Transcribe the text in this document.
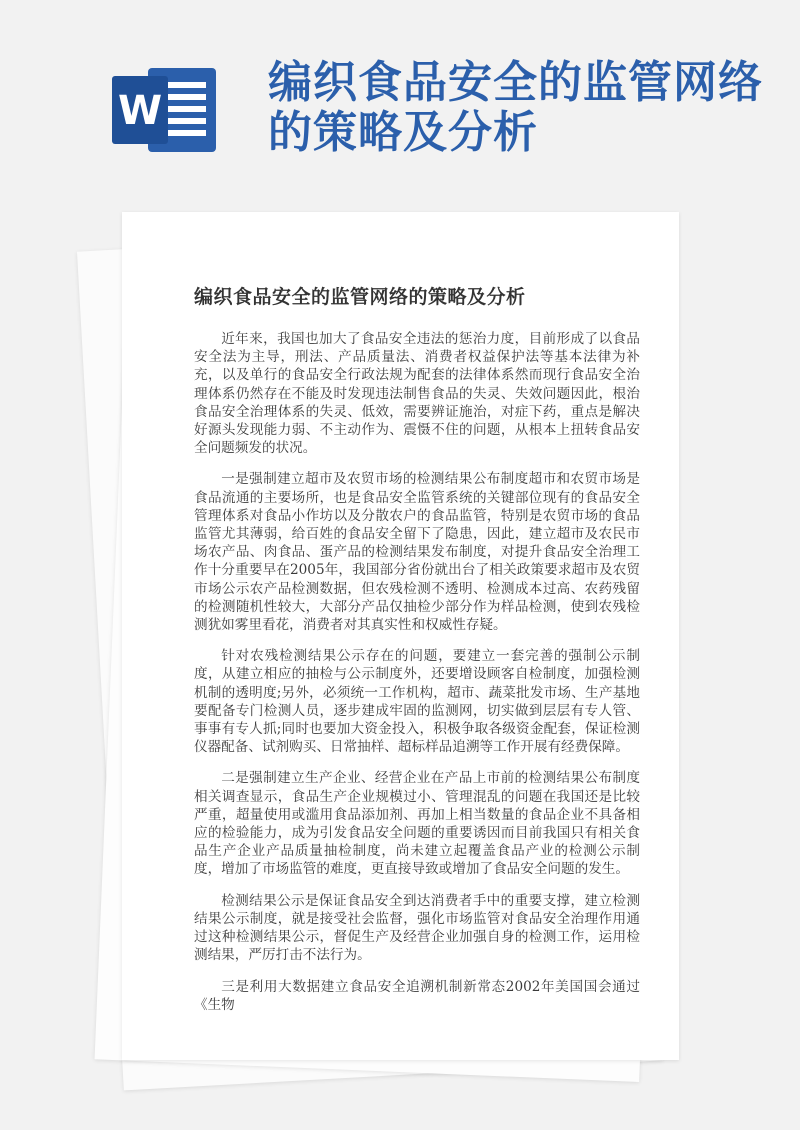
W
编织食品安全的监管网络的策略及分析
编织食品安全的监管网络的策略及分析

近年来，我国也加大了食品安全违法的惩治力度，目前形成了以食品安全法为主导，刑法、产品质量法、消费者权益保护法等基本法律为补充，以及单行的食品安全行政法规为配套的法律体系然而现行食品安全治理体系仍然存在不能及时发现违法制售食品的失灵、失效问题因此，根治食品安全治理体系的失灵、低效，需要辨证施治，对症下药，重点是解决好源头发现能力弱、不主动作为、震慑不住的问题，从根本上扭转食品安全问题频发的状况。

一是强制建立超市及农贸市场的检测结果公布制度超市和农贸市场是食品流通的主要场所，也是食品安全监管系统的关键部位现有的食品安全管理体系对食品小作坊以及分散农户的食品监管，特别是农贸市场的食品监管尤其薄弱，给百姓的食品安全留下了隐患，因此，建立超市及农民市场农产品、肉食品、蛋产品的检测结果发布制度，对提升食品安全治理工作十分重要早在2005年，我国部分省份就出台了相关政策要求超市及农贸市场公示农产品检测数据，但农残检测不透明、检测成本过高、农药残留的检测随机性较大，大部分产品仅抽检少部分作为样品检测，使到农残检测犹如雾里看花，消费者对其真实性和权威性存疑。

针对农残检测结果公示存在的问题，要建立一套完善的强制公示制度，从建立相应的抽检与公示制度外，还要增设顾客自检制度，加强检测机制的透明度;另外，必须统一工作机构，超市、蔬菜批发市场、生产基地要配备专门检测人员，逐步建成牢固的监测网，切实做到层层有专人管、事事有专人抓;同时也要加大资金投入，积极争取各级资金配套，保证检测仪器配备、试剂购买、日常抽样、超标样品追溯等工作开展有经费保障。

二是强制建立生产企业、经营企业在产品上市前的检测结果公布制度相关调查显示，食品生产企业规模过小、管理混乱的问题在我国还是比较严重，超量使用或滥用食品添加剂、再加上相当数量的食品企业不具备相应的检验能力，成为引发食品安全问题的重要诱因而目前我国只有相关食品生产企业产品质量抽检制度，尚未建立起覆盖食品产业的检测公示制度，增加了市场监管的难度，更直接导致或增加了食品安全问题的发生。

检测结果公示是保证食品安全到达消费者手中的重要支撑，建立检测结果公示制度，就是接受社会监督，强化市场监管对食品安全治理作用通过这种检测结果公示，督促生产及经营企业加强自身的检测工作，运用检测结果，严厉打击不法行为。

三是利用大数据建立食品安全追溯机制新常态2002年美国国会通过《生物
